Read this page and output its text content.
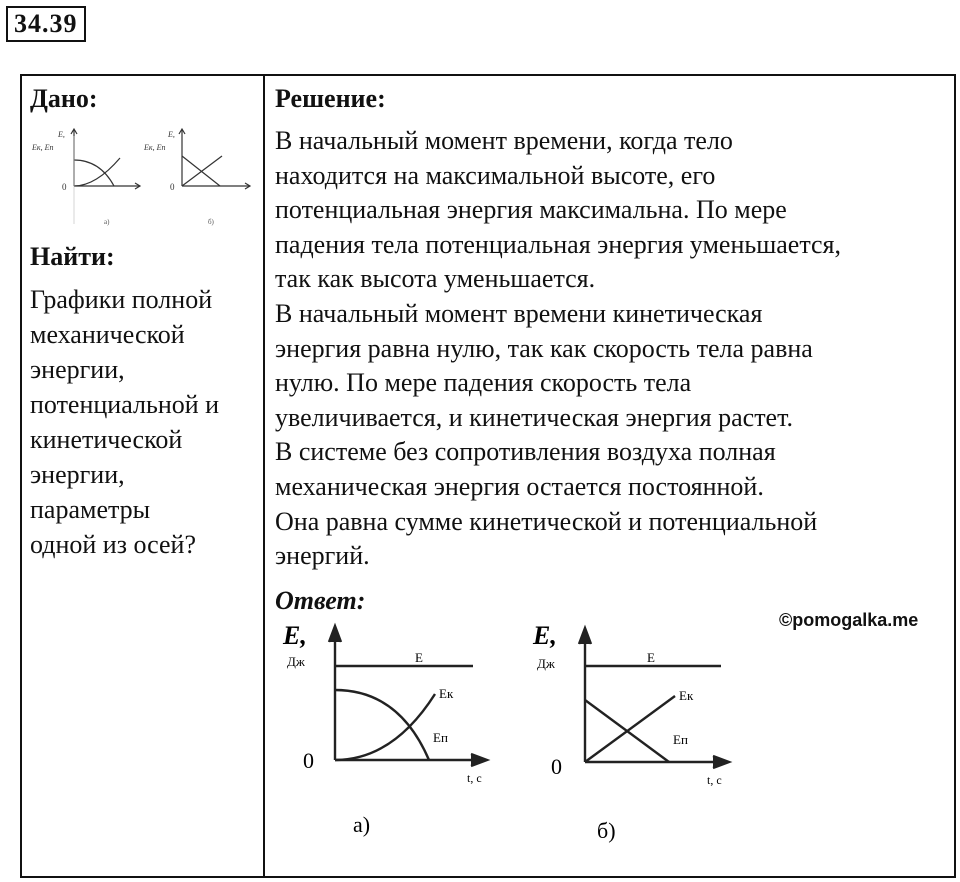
34.39
Дано:
E,
Eк, Eп
0
а)
E,
Eк, Eп
0
б)
Найти:
Графики полной
механической
энергии,
потенциальной и
кинетической
энергии,
параметры
одной из осей?
Решение:

В начальный момент времени, когда тело

находится на максимальной высоте, его

потенциальная энергия максимальна. По мере

падения тела потенциальная энергия уменьшается,

так как высота уменьшается.

В начальный момент времени кинетическая

энергия равна нулю, так как скорость тела равна

нулю. По мере падения скорость тела

увеличивается, и кинетическая энергия растет.

В системе без сопротивления воздуха полная

механическая энергия остается постоянной.

Она равна сумме кинетической и потенциальной

энергий.

Ответ:
©pomogalka.me
E,
Дж
0
t, c
E
Eк
Eп
а)
E,
Дж
0
t, c
E
Eк
Eп
б)
